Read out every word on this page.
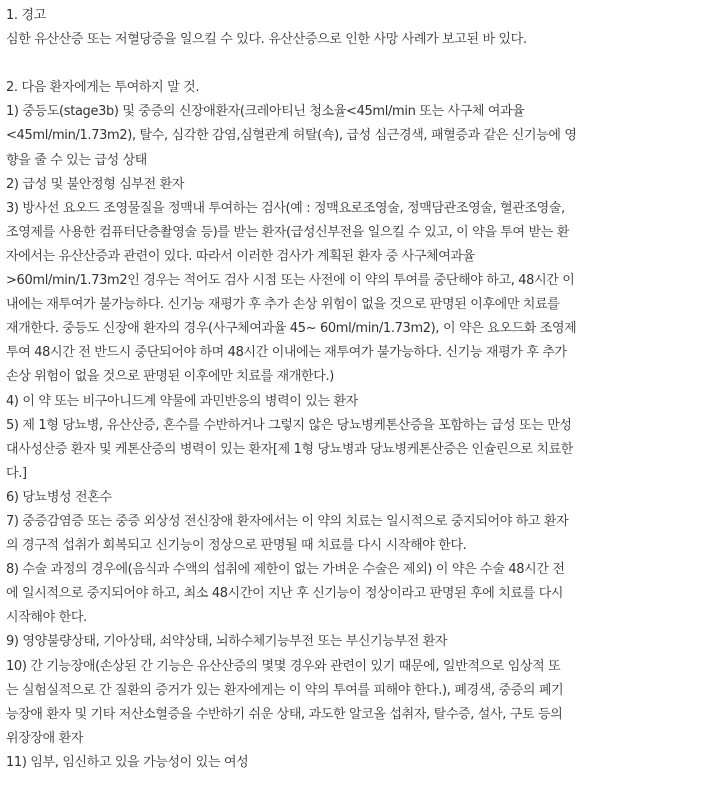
1. 경고
심한 유산산증 또는 저혈당증을 일으킬 수 있다. 유산산증으로 인한 사망 사례가 보고된 바 있다.
2. 다음 환자에게는 투여하지 말 것.
1) 중등도(stage3b) 및 중증의 신장애환자(크레아티닌 청소율<45ml/min 또는 사구체 여과율
<45ml/min/1.73m2), 탈수, 심각한 감염,심혈관계 허탈(쇽), 급성 심근경색, 패혈증과 같은 신기능에 영
향을 줄 수 있는 급성 상태
2) 급성 및 불안정형 심부전 환자
3) 방사선 요오드 조영물질을 정맥내 투여하는 검사(예 : 정맥요로조영술, 정맥담관조영술, 혈관조영술,
조영제를 사용한 컴퓨터단층촬영술 등)를 받는 환자(급성신부전을 일으킬 수 있고, 이 약을 투여 받는 환
자에서는 유산산증과 관련이 있다. 따라서 이러한 검사가 계획된 환자 중 사구체여과율
>60ml/min/1.73m2인 경우는 적어도 검사 시점 또는 사전에 이 약의 투여를 중단해야 하고, 48시간 이
내에는 재투여가 불가능하다. 신기능 재평가 후 추가 손상 위험이 없을 것으로 판명된 이후에만 치료를
재개한다. 중등도 신장애 환자의 경우(사구체여과율 45~ 60ml/min/1.73m2), 이 약은 요오드화 조영제
투여 48시간 전 반드시 중단되어야 하며 48시간 이내에는 재투여가 불가능하다. 신기능 재평가 후 추가
손상 위험이 없을 것으로 판명된 이후에만 치료를 재개한다.)
4) 이 약 또는 비구아니드계 약물에 과민반응의 병력이 있는 환자
5) 제 1형 당뇨병, 유산산증, 혼수를 수반하거나 그렇지 않은 당뇨병케톤산증을 포함하는 급성 또는 만성
대사성산증 환자 및 케톤산증의 병력이 있는 환자[제 1형 당뇨병과 당뇨병케톤산증은 인슐린으로 치료한
다.]
6) 당뇨병성 전혼수
7) 중증감염증 또는 중증 외상성 전신장애 환자에서는 이 약의 치료는 일시적으로 중지되어야 하고 환자
의 경구적 섭취가 회복되고 신기능이 정상으로 판명될 때 치료를 다시 시작해야 한다.
8) 수술 과정의 경우에(음식과 수액의 섭취에 제한이 없는 가벼운 수술은 제외) 이 약은 수술 48시간 전
에 일시적으로 중지되어야 하고, 최소 48시간이 지난 후 신기능이 정상이라고 판명된 후에 치료를 다시
시작해야 한다.
9) 영양불량상태, 기아상태, 쇠약상태, 뇌하수체기능부전 또는 부신기능부전 환자
10) 간 기능장애(손상된 간 기능은 유산산증의 몇몇 경우와 관련이 있기 때문에, 일반적으로 임상적 또
는 실험실적으로 간 질환의 증거가 있는 환자에게는 이 약의 투여를 피해야 한다.), 폐경색, 중증의 폐기
능장애 환자 및 기타 저산소혈증을 수반하기 쉬운 상태, 과도한 알코올 섭취자, 탈수증, 설사, 구토 등의
위장장애 환자
11) 임부, 임신하고 있을 가능성이 있는 여성
